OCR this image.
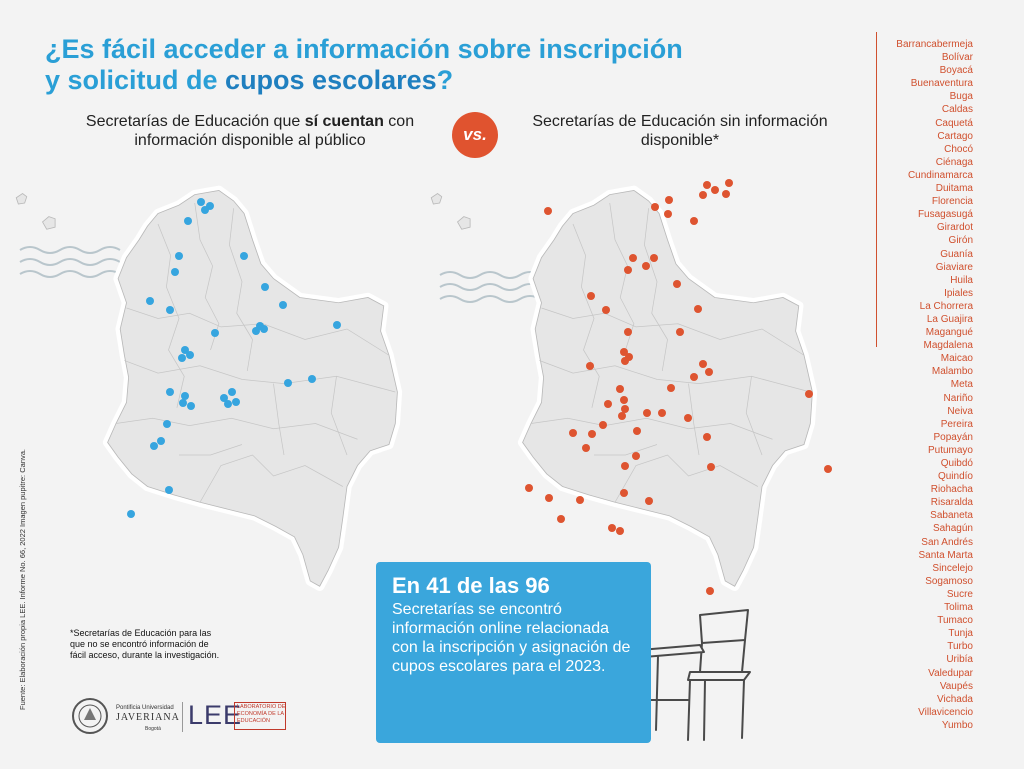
¿Es fácil acceder a información sobre inscripción
y solicitud de cupos escolares?
Secretarías de Educación que sí cuentan con información disponible al público	vs.
Secretarías de Educación sin información disponible*
Barrancabermeja
Bolívar
Boyacá
Buenaventura
Buga
Caldas
Caquetá
Cartago
Chocó
Ciénaga
Cundinamarca
Duitama
Florencia
Fusagasugá
Girardot
Girón
Guanía
Giaviare
Huila
Ipiales
La Chorrera
La Guajira
Magangué
Magdalena
Maicao
Malambo
Meta
Nariño
Neiva
Pereira
Popayán
Putumayo
Quibdó
Quindío
Riohacha
Risaralda
Sabaneta
Sahagún
San Andrés
Santa Marta
Sincelejo
Sogamoso
Sucre
Tolima
Tumaco
Tunja
Turbo
Uribía
Valedupar
Vaupés
Vichada
Villavicencio
Yumbo
Fuente: Elaboración propia LEE. Informe No. 66, 2022 Imagen pupitre: Canva.	*Secretarías de Educación para las que no se encontró información de fácil acceso, durante la investigación.
En 41 de las 96
Secretarías se encontró información online relacionada con la inscripción y asignación de cupos escolares para el 2023.
Pontificia Universidad
JAVERIANA
Bogotá LEE
LABORATORIO DE ECONOMÍA DE LA EDUCACIÓN
